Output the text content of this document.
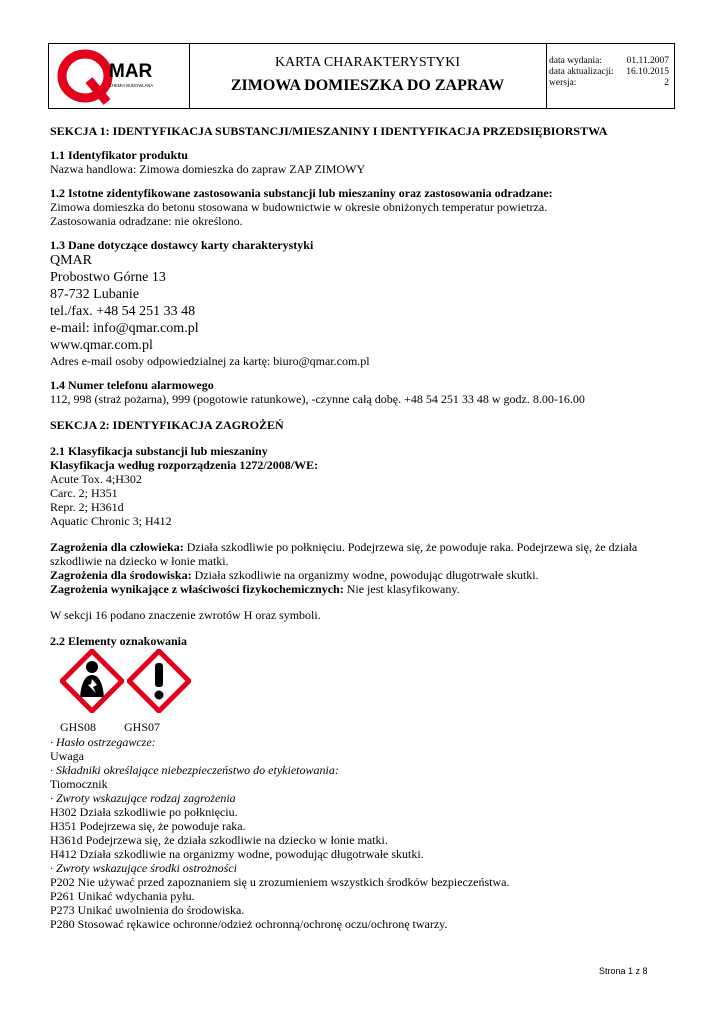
MAR
CHEMIA BUDOWLANA
KARTA CHARAKTERYSTYKI
ZIMOWA DOMIESZKA DO ZAPRAW
data wydania:	01.11.2007
data aktualizacji: 16.10.2015
wersja:	2
SEKCJA 1: IDENTYFIKACJA SUBSTANCJI/MIESZANINY I IDENTYFIKACJA PRZEDSIĘBIORSTWA
1.1 Identyfikator produktu
Nazwa handlowa: Zimowa domieszka do zapraw ZAP ZIMOWY
1.2 Istotne zidentyfikowane zastosowania substancji lub mieszaniny oraz zastosowania odradzane:
Zimowa domieszka do betonu stosowana w budownictwie w okresie obniżonych temperatur powietrza.
Zastosowania odradzane: nie określono.
1.3 Dane dotyczące dostawcy karty charakterystyki
QMAR
Probostwo Górne 13
87-732 Lubanie
tel./fax. +48 54 251 33 48
e-mail: info@qmar.com.pl
www.qmar.com.pl
Adres e-mail osoby odpowiedzialnej za kartę: biuro@qmar.com.pl
1.4 Numer telefonu alarmowego
112, 998 (straż pożarna), 999 (pogotowie ratunkowe), -czynne całą dobę. +48 54 251 33 48 w godz. 8.00-16.00
SEKCJA 2: IDENTYFIKACJA ZAGROŻEŃ
2.1 Klasyfikacja substancji lub mieszaniny
Klasyfikacja według rozporządzenia 1272/2008/WE:
Acute Tox. 4;H302
Carc. 2; H351
Repr. 2; H361d
Aquatic Chronic 3; H412
Zagrożenia dla człowieka: Działa szkodliwie po połknięciu. Podejrzewa się, że powoduje raka. Podejrzewa się, że działa
szkodliwie na dziecko w łonie matki.
Zagrożenia dla środowiska: Działa szkodliwie na organizmy wodne, powodując długotrwałe skutki.
Zagrożenia wynikające z właściwości fizykochemicznych: Nie jest klasyfikowany.
W sekcji 16 podano znaczenie zwrotów H oraz symboli.
2.2 Elementy oznakowania
GHS08	GHS07
· Hasło ostrzegawcze:
Uwaga
· Składniki określające niebezpieczeństwo do etykietowania:
Tiomocznik
· Zwroty wskazujące rodzaj zagrożenia
H302 Działa szkodliwie po połknięciu.
H351 Podejrzewa się, że powoduje raka.
H361d Podejrzewa się, że działa szkodliwie na dziecko w łonie matki.
H412 Działa szkodliwie na organizmy wodne, powodując długotrwałe skutki.
· Zwroty wskazujące środki ostrożności
P202 Nie używać przed zapoznaniem się u zrozumieniem wszystkich środków bezpieczeństwa.
P261 Unikać wdychania pyłu.
P273 Unikać uwolnienia do środowiska.
P280 Stosować rękawice ochronne/odzież ochronną/ochronę oczu/ochronę twarzy.
Strona 1 z 8
